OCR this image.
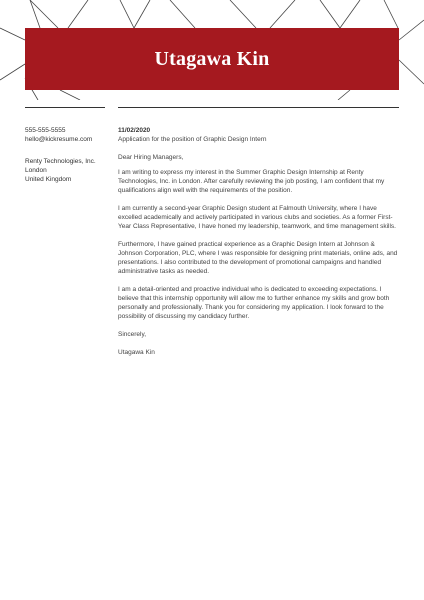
Utagawa Kin
555-555-5555
hello@kickresume.com
Renty Technologies, Inc.
London
United Kingdom

11/02/2020

Application for the position of Graphic Design Intern

Dear Hiring Managers,

I am writing to express my interest in the Summer Graphic Design Internship at Renty Technologies, Inc. in London. After carefully reviewing the job posting, I am confident that my qualifications align well with the requirements of the position.

I am currently a second-year Graphic Design student at Falmouth University, where I have excelled academically and actively participated in various clubs and societies. As a former First-Year Class Representative, I have honed my leadership, teamwork, and time management skills.

Furthermore, I have gained practical experience as a Graphic Design Intern at Johnson & Johnson Corporation, PLC, where I was responsible for designing print materials, online ads, and presentations. I also contributed to the development of promotional campaigns and handled administrative tasks as needed.

I am a detail-oriented and proactive individual who is dedicated to exceeding expectations. I believe that this internship opportunity will allow me to further enhance my skills and grow both personally and professionally. Thank you for considering my application. I look forward to the possibility of discussing my candidacy further.

Sincerely,

Utagawa Kin
